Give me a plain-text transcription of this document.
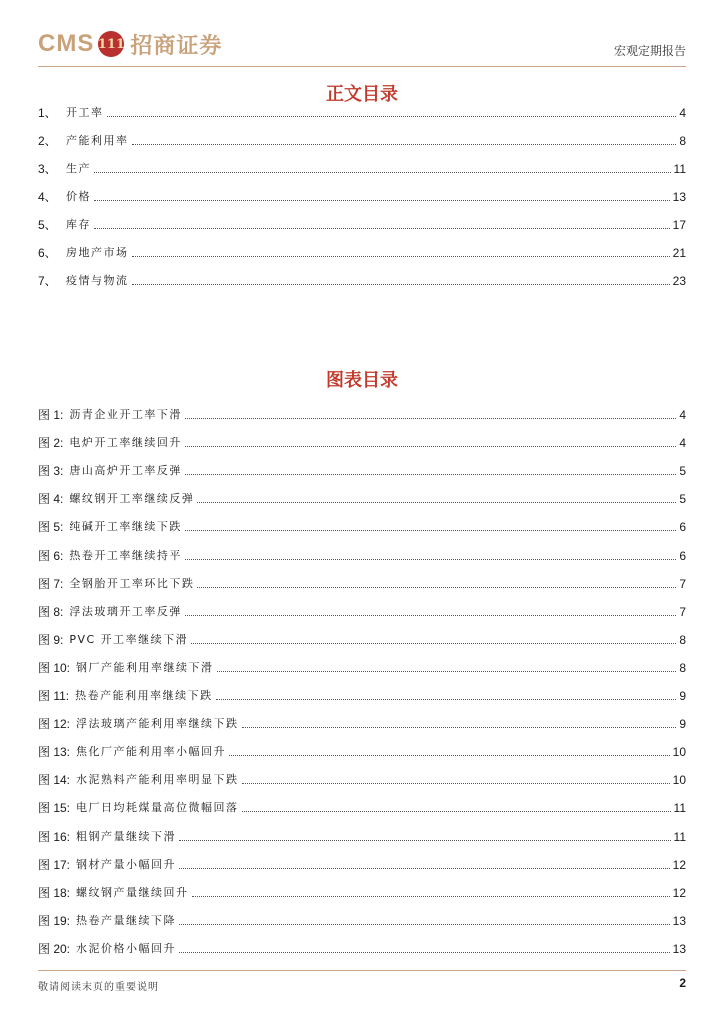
CMS 111 招商证券	宏观定期报告
正文目录
1、 开工率	4
2、 产能利用率	8
3、 生产	11
4、 价格	13
5、 库存	17
6、 房地产市场	21
7、 疫情与物流	23
图表目录
图 1: 沥青企业开工率下滑	4
图 2: 电炉开工率继续回升	4
图 3: 唐山高炉开工率反弹	5
图 4: 螺纹钢开工率继续反弹	5
图 5: 纯碱开工率继续下跌	6
图 6: 热卷开工率继续持平	6
图 7: 全钢胎开工率环比下跌	7
图 8: 浮法玻璃开工率反弹	7
图 9: PVC 开工率继续下滑	8
图 10: 钢厂产能利用率继续下滑	8
图 11: 热卷产能利用率继续下跌	9
图 12: 浮法玻璃产能利用率继续下跌	9
图 13: 焦化厂产能利用率小幅回升	10
图 14: 水泥熟料产能利用率明显下跌	10
图 15: 电厂日均耗煤量高位微幅回落	11
图 16: 粗钢产量继续下滑	11
图 17: 钢材产量小幅回升	12
图 18: 螺纹钢产量继续回升	12
图 19: 热卷产量继续下降	13
图 20: 水泥价格小幅回升	13
敬请阅读末页的重要说明	2
